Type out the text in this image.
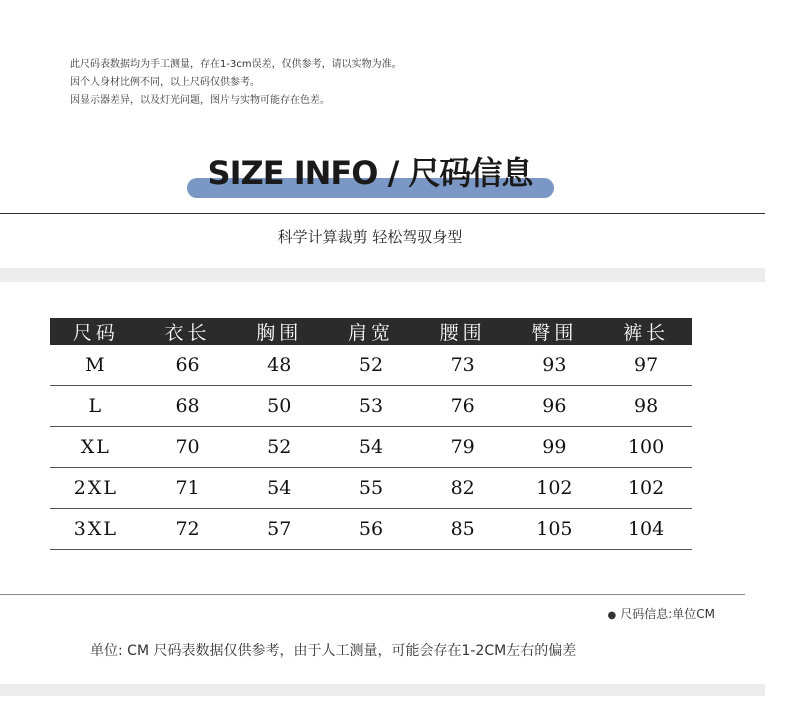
此尺码表数据均为手工测量，存在1-3cm误差，仅供参考，请以实物为准。
因个人身材比例不同，以上尺码仅供参考。
因显示器差异，以及灯光问题，图片与实物可能存在色差。
SIZE INFO / 尺码信息
科学计算裁剪 轻松驾驭身型
尺码	衣长	胸围	肩宽	腰围	臀围	裤长
M	66	48	52	73	93	97
L	68	50	53	76	96	98
XL	70	52	54	79	99	100
2XL	71	54	55	82	102	102
3XL	72	57	56	85	105	104
● 尺码信息:单位CM
单位: CM 尺码表数据仅供参考，由于人工测量，可能会存在1-2CM左右的偏差
